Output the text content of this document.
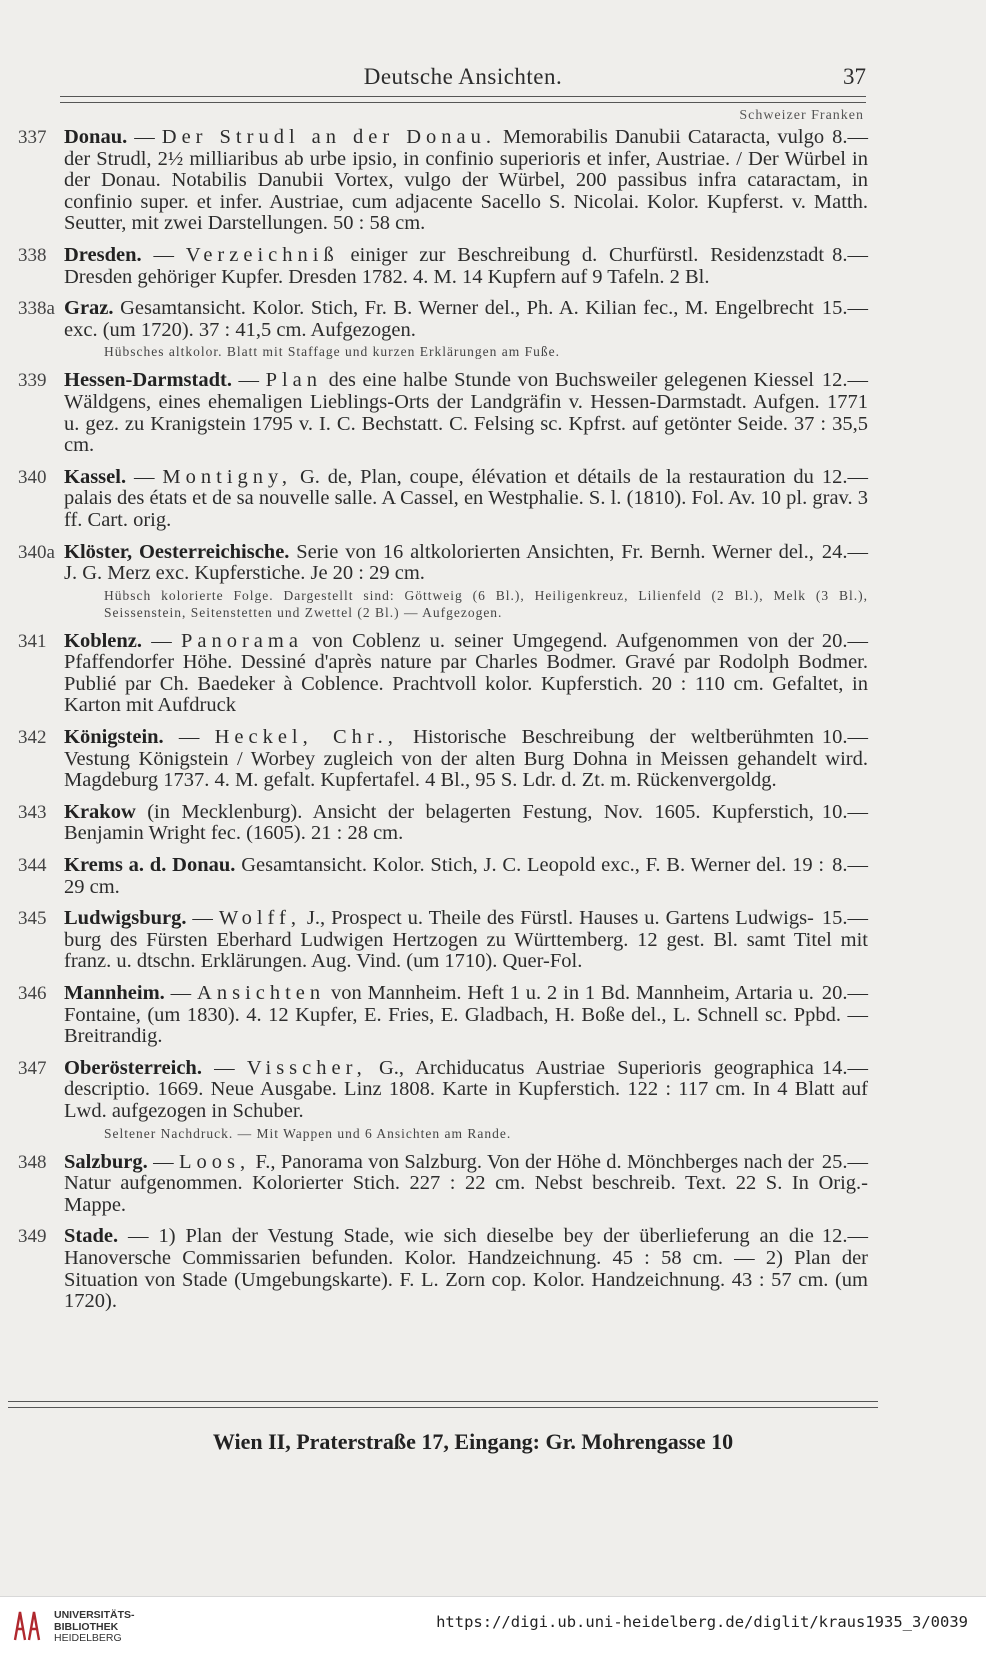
Deutsche Ansichten.	37
Schweizer Franken
337	8.—
Donau. — Der Strudl an der Donau. Memorabilis Danubii Cataracta, vulgo der Strudl, 2½ milliaribus ab urbe ipsio, in confinio superioris et infer, Austriae. / Der Würbel in der Donau. Notabilis Danubii Vortex, vulgo der Würbel, 200 passibus infra cataractam, in confinio super. et infer. Austriae, cum adjacente Sacello S. Nicolai. Kolor. Kupferst. v. Matth. Seutter, mit zwei Darstellungen. 50 : 58 cm.
338	8.—
Dresden. — Verzeichniß einiger zur Beschreibung d. Churfürstl. Residenzstadt Dresden gehöriger Kupfer. Dresden 1782. 4. M. 14 Kupfern auf 9 Tafeln. 2 Bl.
338a	15.—
Graz. Gesamtansicht. Kolor. Stich, Fr. B. Werner del., Ph. A. Kilian fec., M. Engelbrecht exc. (um 1720). 37 : 41,5 cm. Aufgezogen.
Hübsches altkolor. Blatt mit Staffage und kurzen Erklärungen am Fuße.
339	12.—
Hessen-Darmstadt. — Plan des eine halbe Stunde von Buchsweiler gelegenen Kiessel Wäldgens, eines ehemaligen Lieblings-Orts der Landgräfin v. Hessen-Darmstadt. Aufgen. 1771 u. gez. zu Kranigstein 1795 v. I. C. Bechstatt. C. Felsing sc. Kpfrst. auf getönter Seide. 37 : 35,5 cm.
340	12.—
Kassel. — Montigny, G. de, Plan, coupe, élévation et détails de la restauration du palais des états et de sa nouvelle salle. A Cassel, en Westphalie. S. l. (1810). Fol. Av. 10 pl. grav. 3 ff. Cart. orig.
340a	24.—
Klöster, Oesterreichische. Serie von 16 altkolorierten Ansichten, Fr. Bernh. Werner del., J. G. Merz exc. Kupferstiche. Je 20 : 29 cm.
Hübsch kolorierte Folge. Dargestellt sind: Göttweig (6 Bl.), Heiligenkreuz, Lilienfeld (2 Bl.), Melk (3 Bl.), Seissenstein, Seitenstetten und Zwettel (2 Bl.) — Aufgezogen.
341	20.—
Koblenz. — Panorama von Coblenz u. seiner Umgegend. Aufgenommen von der Pfaffendorfer Höhe. Dessiné d'après nature par Charles Bodmer. Gravé par Rodolph Bodmer. Publié par Ch. Baedeker à Coblence. Prachtvoll kolor. Kupferstich. 20 : 110 cm. Gefaltet, in Karton mit Aufdruck
342	10.—
Königstein. — Heckel, Chr., Historische Beschreibung der weltberühmten Vestung Königstein / Worbey zugleich von der alten Burg Dohna in Meissen gehandelt wird. Magdeburg 1737. 4. M. gefalt. Kupfertafel. 4 Bl., 95 S. Ldr. d. Zt. m. Rückenvergoldg.
343	10.—
Krakow (in Mecklenburg). Ansicht der belagerten Festung, Nov. 1605. Kupferstich, Benjamin Wright fec. (1605). 21 : 28 cm.
344	8.—
Krems a. d. Donau. Gesamtansicht. Kolor. Stich, J. C. Leopold exc., F. B. Werner del. 19 : 29 cm.
345	15.—
Ludwigsburg. — Wolff, J., Prospect u. Theile des Fürstl. Hauses u. Gartens Ludwigs-burg des Fürsten Eberhard Ludwigen Hertzogen zu Württemberg. 12 gest. Bl. samt Titel mit franz. u. dtschn. Erklärungen. Aug. Vind. (um 1710). Quer-Fol.
346	20.—
Mannheim. — Ansichten von Mannheim. Heft 1 u. 2 in 1 Bd. Mannheim, Artaria u. Fontaine, (um 1830). 4. 12 Kupfer, E. Fries, E. Gladbach, H. Boße del., L. Schnell sc. Ppbd. — Breitrandig.
347	14.—
Oberösterreich. — Visscher, G., Archiducatus Austriae Superioris geographica descriptio. 1669. Neue Ausgabe. Linz 1808. Karte in Kupferstich. 122 : 117 cm. In 4 Blatt auf Lwd. aufgezogen in Schuber.
Seltener Nachdruck. — Mit Wappen und 6 Ansichten am Rande.
348	25.—
Salzburg. — Loos, F., Panorama von Salzburg. Von der Höhe d. Mönchberges nach der Natur aufgenommen. Kolorierter Stich. 227 : 22 cm. Nebst beschreib. Text. 22 S. In Orig.-Mappe.
349	12.—
Stade. — 1) Plan der Vestung Stade, wie sich dieselbe bey der überlieferung an die Hanoversche Commissarien befunden. Kolor. Handzeichnung. 45 : 58 cm. — 2) Plan der Situation von Stade (Umgebungskarte). F. L. Zorn cop. Kolor. Handzeichnung. 43 : 57 cm. (um 1720).
Wien II, Praterstraße 17, Eingang: Gr. Mohrengasse 10
UNIVERSITÄTS-
BIBLIOTHEK
HEIDELBERG
https://digi.ub.uni-heidelberg.de/diglit/kraus1935_3/0039
